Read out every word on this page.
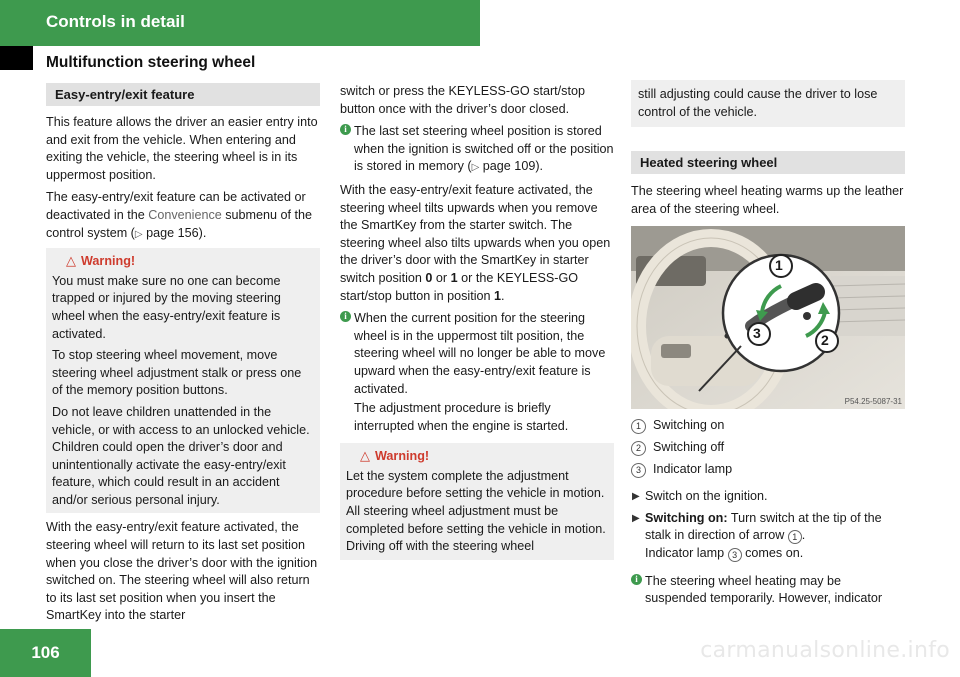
Controls in detail
Multifunction steering wheel
Easy-entry/exit feature

This feature allows the driver an easier entry into and exit from the vehicle. When entering and exiting the vehicle, the steering wheel is in its uppermost position.

The easy-entry/exit feature can be activated or deactivated in the Convenience submenu of the control system (▷ page 156).

△ Warning!

You must make sure no one can become trapped or injured by the moving steering wheel when the easy-entry/exit feature is activated.

To stop steering wheel movement, move steering wheel adjustment stalk or press one of the memory position buttons.

Do not leave children unattended in the vehicle, or with access to an unlocked vehicle. Children could open the driver’s door and unintentionally activate the easy-entry/exit feature, which could result in an accident and/or serious personal injury.

With the easy-entry/exit feature activated, the steering wheel will return to its last set position when you close the driver’s door with the ignition switched on. The steering wheel will also return to its last set position when you insert the SmartKey into the starter

switch or press the KEYLESS-GO start/stop button once with the driver’s door closed.

i The last set steering wheel position is stored when the ignition is switched off or the position is stored in memory (▷ page 109).

With the easy-entry/exit feature activated, the steering wheel tilts upwards when you remove the SmartKey from the starter switch. The steering wheel also tilts upwards when you open the driver’s door with the SmartKey in starter switch position 0 or 1 or the KEYLESS-GO start/stop button in position 1.

i When the current position for the steering wheel is in the uppermost tilt position, the steering wheel will no longer be able to move upward when the easy-entry/exit feature is activated.

The adjustment procedure is briefly interrupted when the engine is started.

△ Warning!

Let the system complete the adjustment procedure before setting the vehicle in motion. All steering wheel adjustment must be completed before setting the vehicle in motion. Driving off with the steering wheel

still adjusting could cause the driver to lose control of the vehicle.

Heated steering wheel

The steering wheel heating warms up the leather area of the steering wheel.

1
3	2
P54.25-5087-31
1 Switching on
2 Switching off
3 Indicator lamp
▶ Switch on the ignition.
▶ Switching on: Turn switch at the tip of the stalk in direction of arrow 1 .
Indicator lamp 3 comes on.
i The steering wheel heating may be suspended temporarily. However, indicator

106	carmanualsonline.info
